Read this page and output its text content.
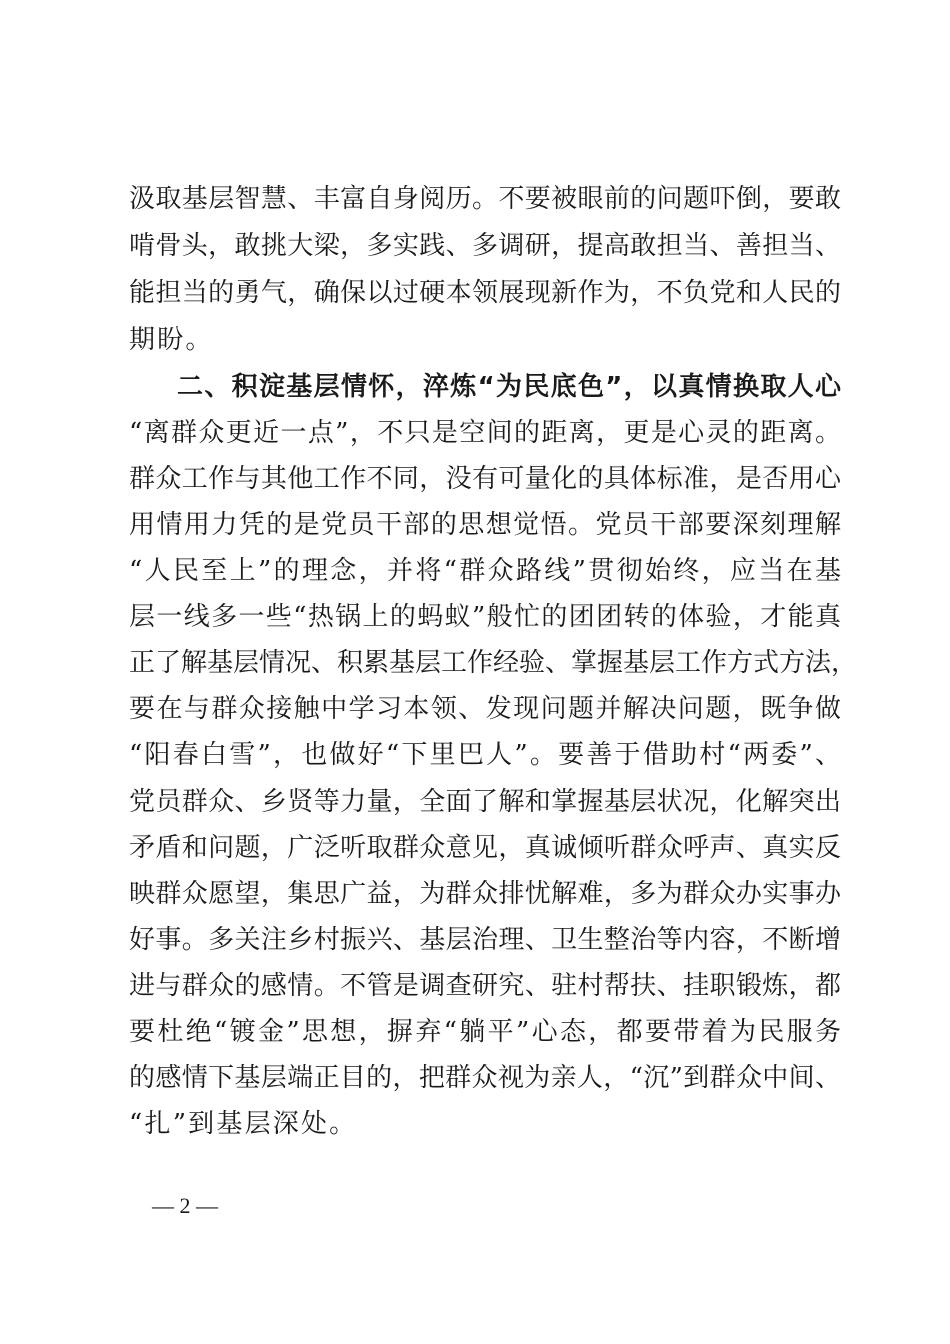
汲取基层智慧、丰富自身阅历。不要被眼前的问题吓倒，要敢
啃骨头，敢挑大梁，多实践、多调研，提高敢担当、善担当、
能担当的勇气，确保以过硬本领展现新作为，不负党和人民的
期盼。
二、积淀基层情怀，淬炼“为民底色”，以真情换取人心
“离群众更近一点”，不只是空间的距离，更是心灵的距离。
群众工作与其他工作不同，没有可量化的具体标准，是否用心
用情用力凭的是党员干部的思想觉悟。党员干部要深刻理解
“人民至上”的理念，并将“群众路线”贯彻始终，应当在基
层一线多一些“热锅上的蚂蚁”般忙的团团转的体验，才能真
正了解基层情况、积累基层工作经验、掌握基层工作方式方法，
要在与群众接触中学习本领、发现问题并解决问题，既争做
“阳春白雪”，也做好“下里巴人”。要善于借助村“两委”、
党员群众、乡贤等力量，全面了解和掌握基层状况，化解突出
矛盾和问题，广泛听取群众意见，真诚倾听群众呼声、真实反
映群众愿望，集思广益，为群众排忧解难，多为群众办实事办
好事。多关注乡村振兴、基层治理、卫生整治等内容，不断增
进与群众的感情。不管是调查研究、驻村帮扶、挂职锻炼，都
要杜绝“镀金”思想，摒弃“躺平”心态，都要带着为民服务
的感情下基层端正目的，把群众视为亲人，“沉”到群众中间、
“扎”到基层深处。
— 2 —
